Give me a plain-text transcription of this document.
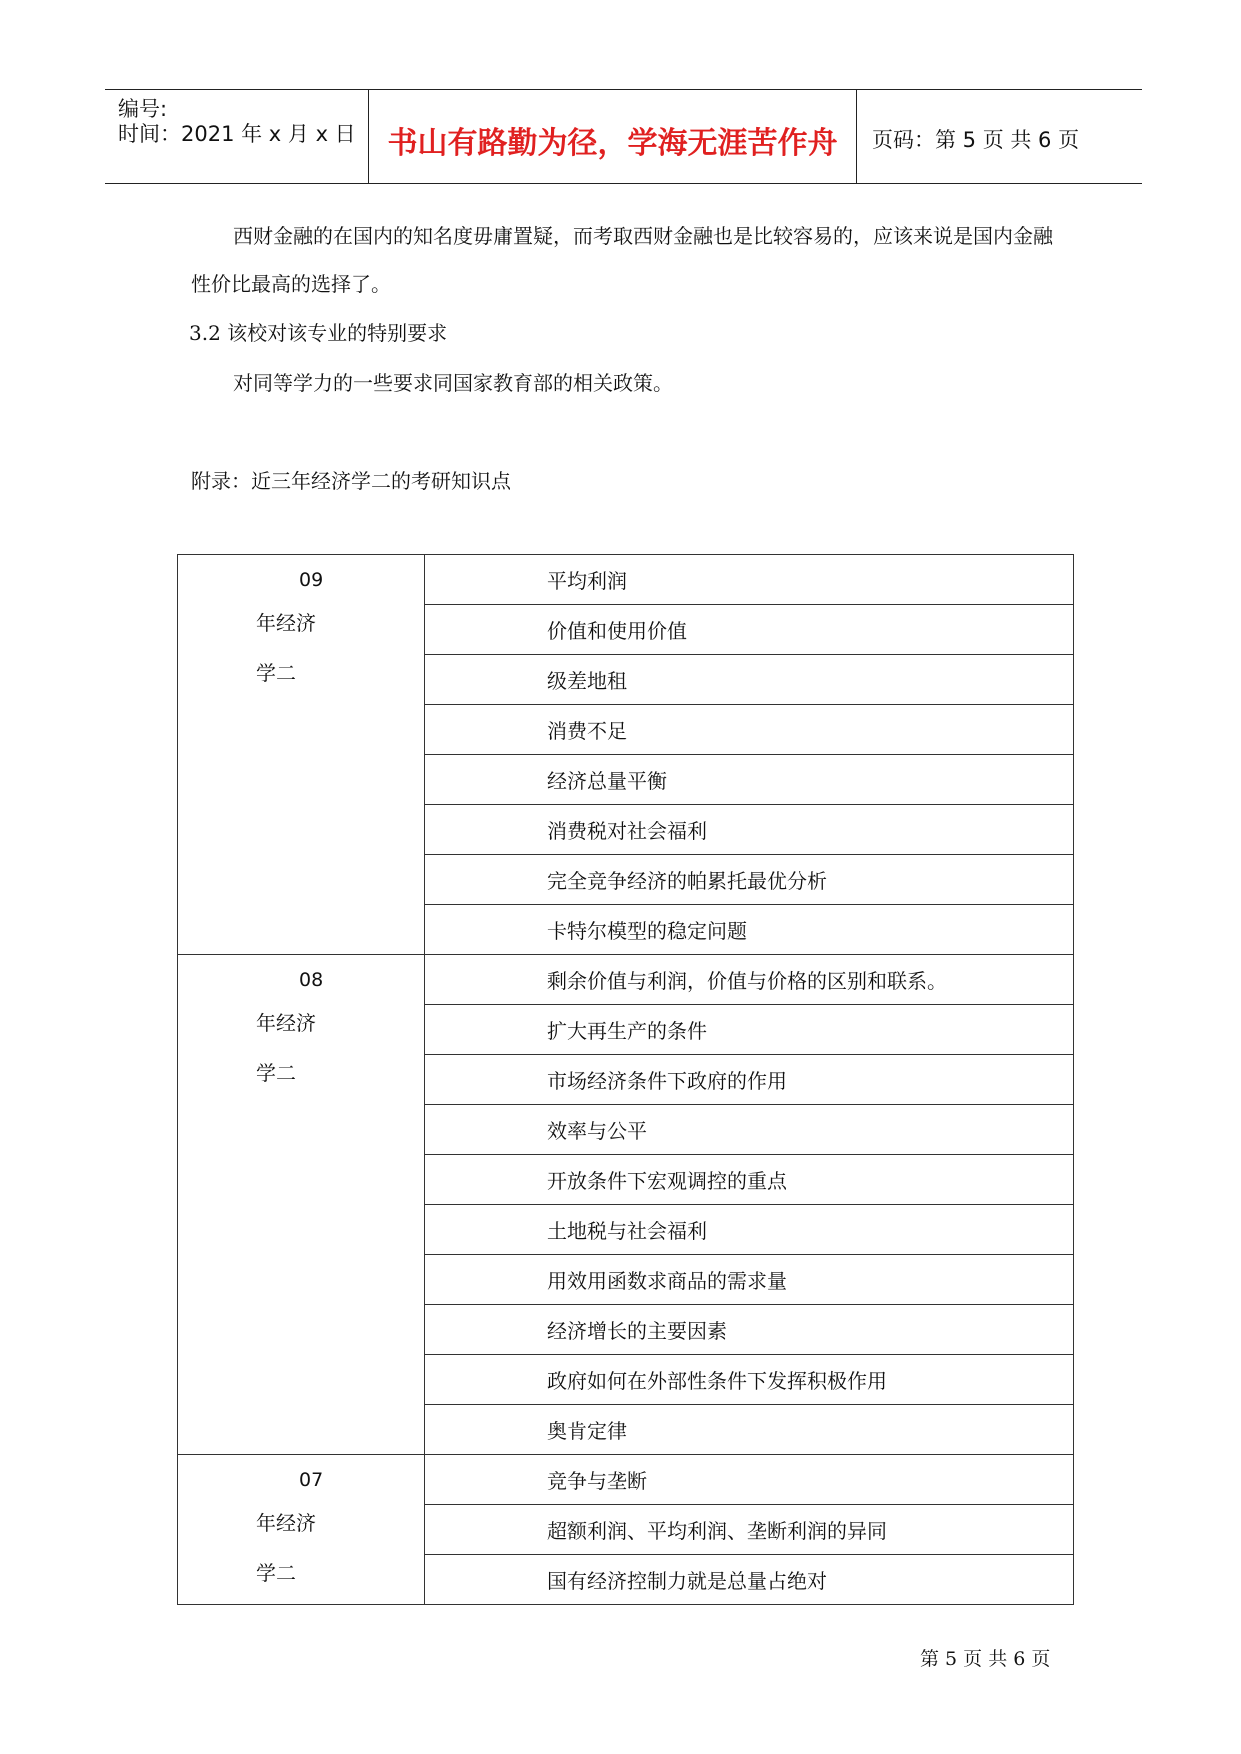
编号:
时间：2021 年 x 月 x 日	书山有路勤为径，学海无涯苦作舟	页码：第 5 页 共 6 页
西财金融的在国内的知名度毋庸置疑，而考取西财金融也是比较容易的，应该来说是国内金融性价比最高的选择了。
3.2 该校对该专业的特别要求
对同等学力的一些要求同国家教育部的相关政策。
附录：近三年经济学二的考研知识点
09
年经济
学二	平均利润
	价值和使用价值
	级差地租
	消费不足
	经济总量平衡
	消费税对社会福利
	完全竞争经济的帕累托最优分析
	卡特尔模型的稳定问题

08
年经济
学二	剩余价值与利润，价值与价格的区别和联系。
	扩大再生产的条件
	市场经济条件下政府的作用
	效率与公平
	开放条件下宏观调控的重点
	土地税与社会福利
	用效用函数求商品的需求量
	经济增长的主要因素
	政府如何在外部性条件下发挥积极作用
	奥肯定律

07
年经济
学二	竞争与垄断
	超额利润、平均利润、垄断利润的异同
	国有经济控制力就是总量占绝对
第 5 页 共 6 页
